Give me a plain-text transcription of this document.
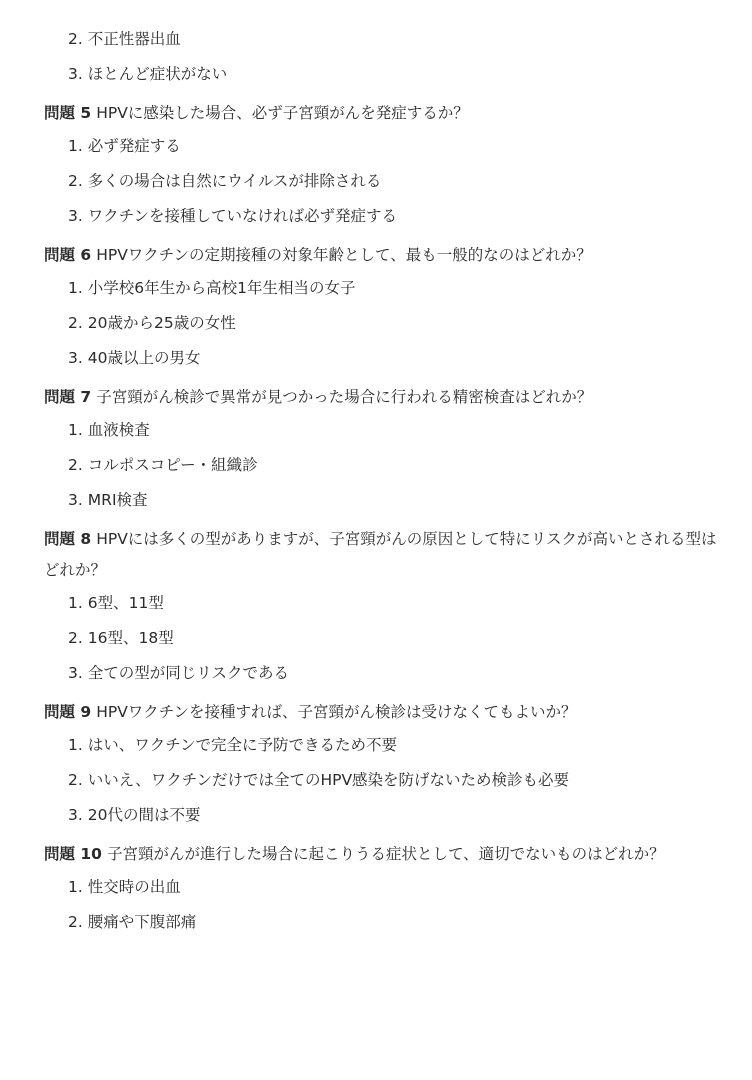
2. 不正性器出血
3. ほとんど症状がない

問題 5 HPVに感染した場合、必ず子宮頸がんを発症するか？

1. 必ず発症する
2. 多くの場合は自然にウイルスが排除される
3. ワクチンを接種していなければ必ず発症する

問題 6 HPVワクチンの定期接種の対象年齢として、最も一般的なのはどれか？

1. 小学校6年生から高校1年生相当の女子
2. 20歳から25歳の女性
3. 40歳以上の男女

問題 7 子宮頸がん検診で異常が見つかった場合に行われる精密検査はどれか？

1. 血液検査
2. コルポスコピー・組織診
3. MRI検査

問題 8 HPVには多くの型がありますが、子宮頸がんの原因として特にリスクが高いとされる型はどれか？

1. 6型、11型
2. 16型、18型
3. 全ての型が同じリスクである

問題 9 HPVワクチンを接種すれば、子宮頸がん検診は受けなくてもよいか？

1. はい、ワクチンで完全に予防できるため不要
2. いいえ、ワクチンだけでは全てのHPV感染を防げないため検診も必要
3. 20代の間は不要

問題 10 子宮頸がんが進行した場合に起こりうる症状として、適切でないものはどれか？

1. 性交時の出血
2. 腰痛や下腹部痛
